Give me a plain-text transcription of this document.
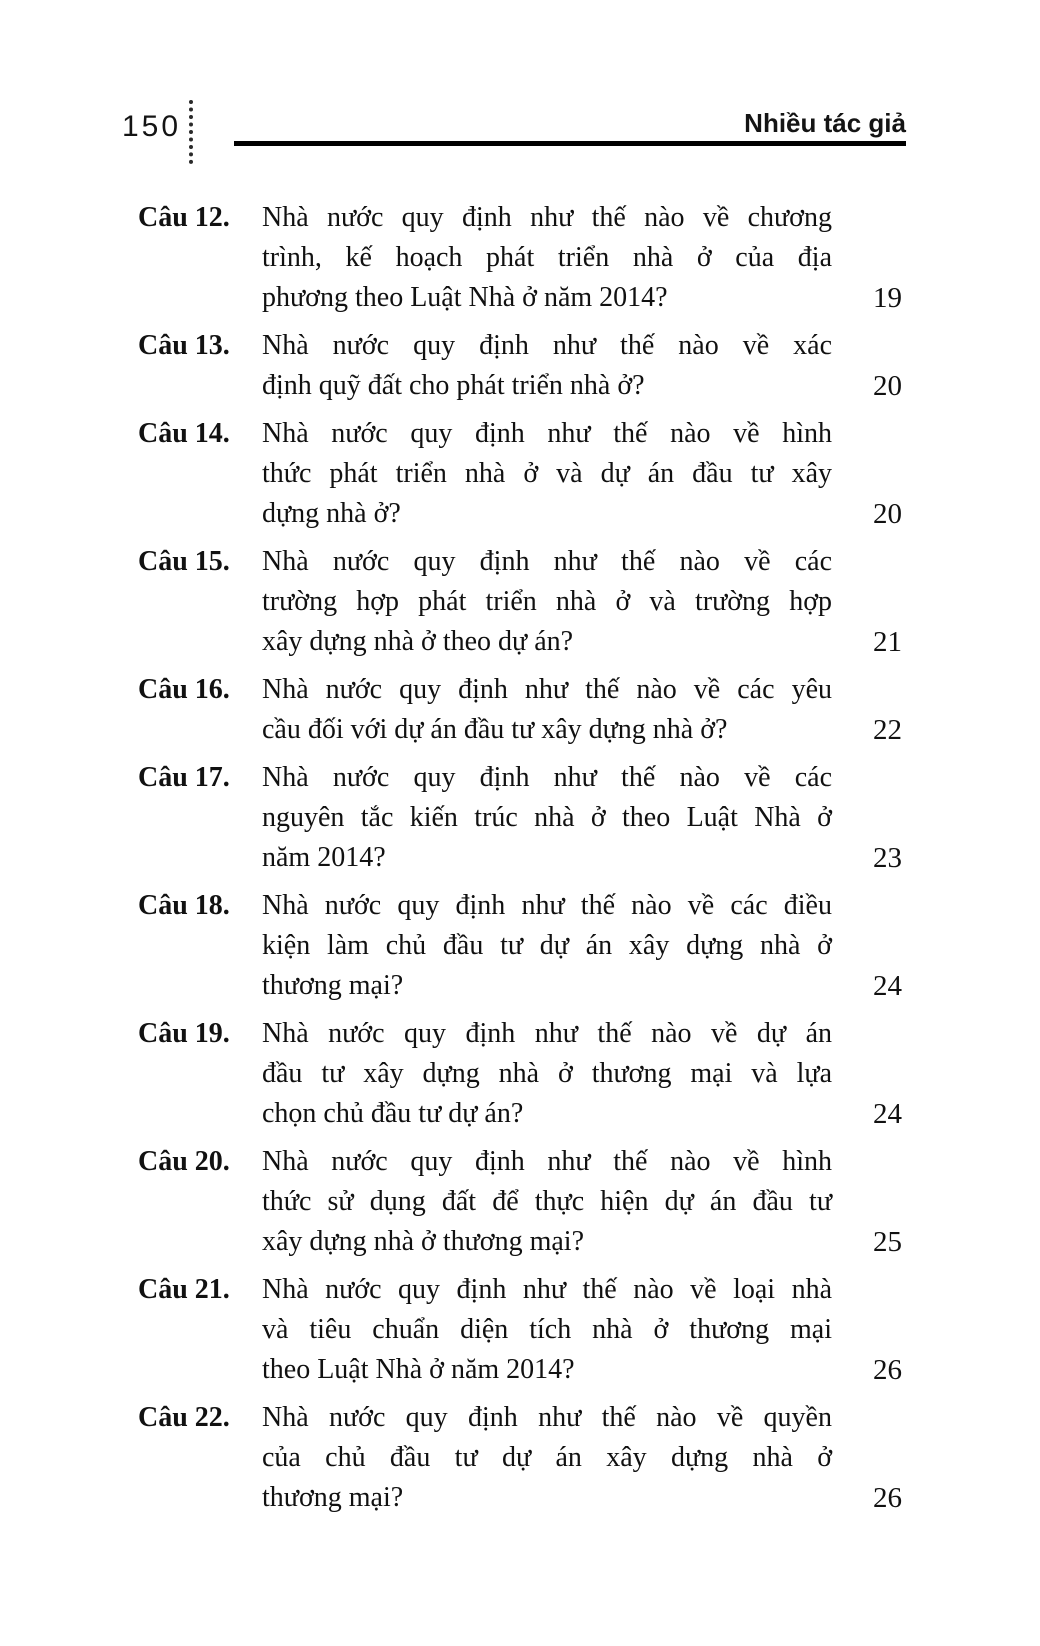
150	Nhiều tác giả
Câu 12.	Nhà nước quy định như thế nào về chương
trình, kế hoạch phát triển nhà ở của địa
phương theo Luật Nhà ở năm 2014?	19
Câu 13.	Nhà nước quy định như thế nào về xác
định quỹ đất cho phát triển nhà ở?	20
Câu 14.	Nhà nước quy định như thế nào về hình
thức phát triển nhà ở và dự án đầu tư xây
dựng nhà ở?	20
Câu 15.	Nhà nước quy định như thế nào về các
trường hợp phát triển nhà ở và trường hợp
xây dựng nhà ở theo dự án?	21
Câu 16.	Nhà nước quy định như thế nào về các yêu
cầu đối với dự án đầu tư xây dựng nhà ở?	22
Câu 17.	Nhà nước quy định như thế nào về các
nguyên tắc kiến trúc nhà ở theo Luật Nhà ở
năm 2014?	23
Câu 18.	Nhà nước quy định như thế nào về các điều
kiện làm chủ đầu tư dự án xây dựng nhà ở
thương mại?	24
Câu 19.	Nhà nước quy định như thế nào về dự án
đầu tư xây dựng nhà ở thương mại và lựa
chọn chủ đầu tư dự án?	24
Câu 20.	Nhà nước quy định như thế nào về hình
thức sử dụng đất để thực hiện dự án đầu tư
xây dựng nhà ở thương mại?	25
Câu 21.	Nhà nước quy định như thế nào về loại nhà
và tiêu chuẩn diện tích nhà ở thương mại
theo Luật Nhà ở năm 2014?	26
Câu 22.	Nhà nước quy định như thế nào về quyền
của chủ đầu tư dự án xây dựng nhà ở
thương mại?	26
